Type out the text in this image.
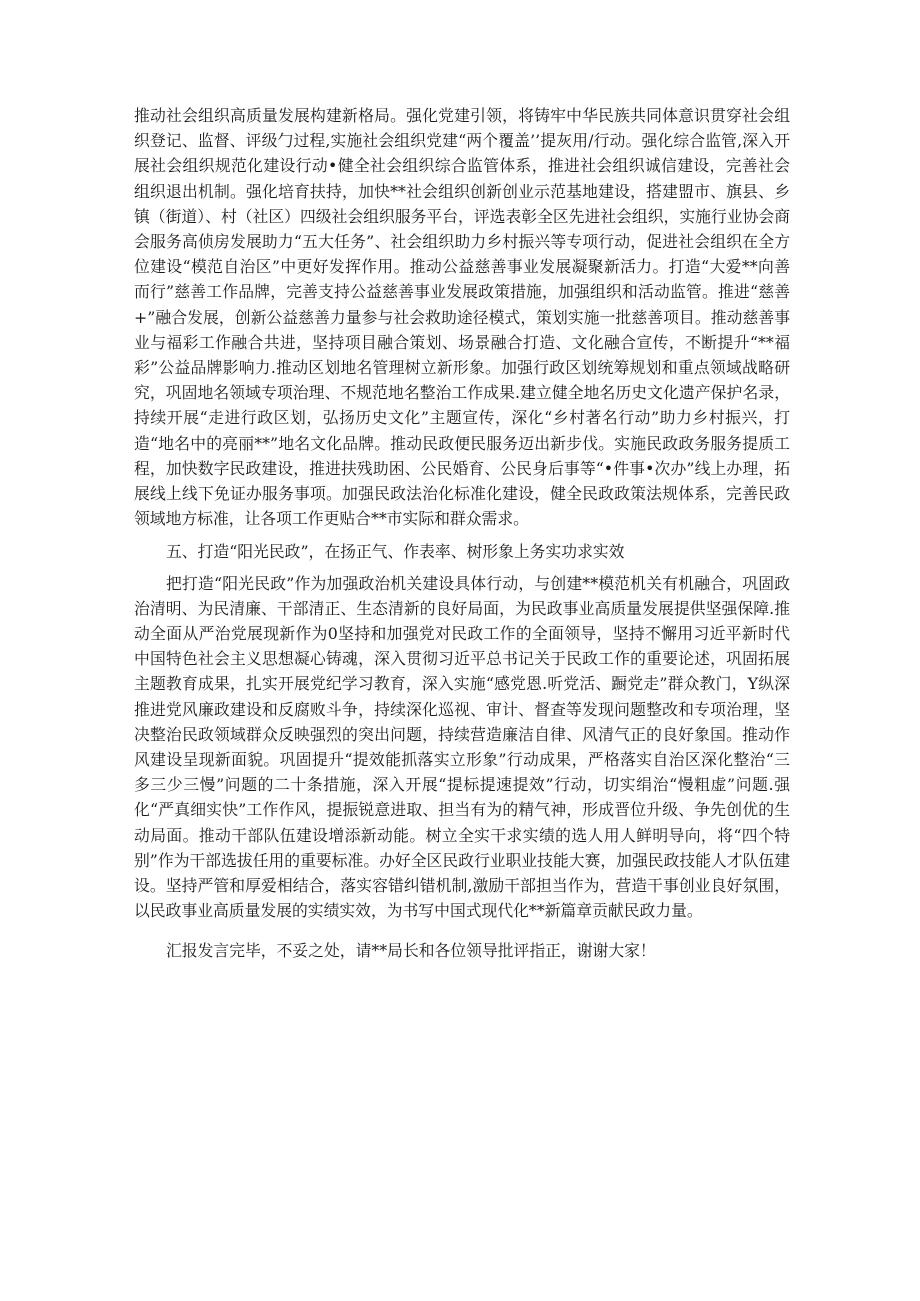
推动社会组织高质量发展构建新格局。强化党建引领，将铸牢中华民族共同体意识贯穿社会组织登记、监督、评级勹过程,实施社会组织党建“两个覆盖’’提灰用/行动。强化综合监管,深入开展社会组织规范化建设行动•健全社会组织综合监管体系，推进社会组织诚信建设，完善社会组织退出机制。强化培育扶持，加快**社会组织创新创业示范基地建设，搭建盟市、旗县、乡镇（街道）、村（社区）四级社会组织服务平台，评选表彰全区先进社会组织，实施行业协会商会服务高侦房发展助力“五大任务”、社会组织助力乡村振兴等专项行动，促进社会组织在全方位建设“模范自治区”中更好发挥作用。推动公益慈善事业发展凝聚新活力。打造“大爱**向善而行”慈善工作品牌，完善支持公益慈善事业发展政策措施，加强组织和活动监管。推进“慈善+”融合发展，创新公益慈善力量参与社会救助途径模式，策划实施一批慈善项目。推动慈善事业与福彩工作融合共进，坚持项目融合策划、场景融合打造、文化融合宣传，不断提升“**福彩”公益品牌影响力.推动区划地名管理树立新形象。加强行政区划统筹规划和重点领域战略研究，巩固地名领域专项治理、不规范地名整治工作成果.建立健全地名历史文化遗产保护名录，持续开展“走进行政区划，弘扬历史文化”主题宣传，深化“乡村著名行动”助力乡村振兴，打造“地名中的亮丽**”地名文化品牌。推动民政便民服务迈出新步伐。实施民政政务服务提质工程，加快数字民政建设，推进扶残助困、公民婚育、公民身后事等“•件事•次办”线上办理，拓展线上线下免证办服务事项。加强民政法治化标准化建设，健全民政政策法规体系，完善民政领域地方标准，让各项工作更贴合**市实际和群众需求。

五、打造“阳光民政”，在扬正气、作表率、树形象上务实功求实效

把打造“阳光民政”作为加强政治机关建设具体行动，与创建**模范机关有机融合，巩固政治清明、为民清廉、干部清正、生态清新的良好局面，为民政事业高质量发展提供坚强保障.推动全面从严治党展现新作为0坚持和加强党对民政工作的全面领导，坚持不懈用习近平新时代中国特色社会主义思想凝心铸魂，深入贯彻习近平总书记关于民政工作的重要论述，巩固拓展主题教育成果，扎实开展党纪学习教育，深入实施“感党恩.听党活、蹰党走”群众教门，Y纵深推进党风廉政建设和反腐败斗争，持续深化巡视、审计、督查等发现问题整改和专项治理，坚决整治民政领域群众反映强烈的突出问题，持续营造廉洁自律、风清气正的良好象国。推动作风建设呈现新面貌。巩固提升“提效能抓落实立形象”行动成果，严格落实自治区深化整治“三多三少三慢”问题的二十条措施，深入开展“提标提速提效”行动，切实绢治“慢粗虚”问题.强化“严真细实快”工作作风，提振锐意进取、担当有为的精气神，形成晋位升级、争先创优的生动局面。推动干部队伍建设增添新动能。树立全实干求实绩的选人用人鲜明导向，将“四个特别”作为干部选拔任用的重要标准。办好全区民政行业职业技能大赛，加强民政技能人才队伍建设。坚持严管和厚爱相结合，落实容错纠错机制,激励干部担当作为，营造干事创业良好氛围，以民政事业高质量发展的实绩实效，为书写中国式现代化**新篇章贡献民政力量。

汇报发言完毕，不妥之处，请**局长和各位领导批评指正，谢谢大家！
